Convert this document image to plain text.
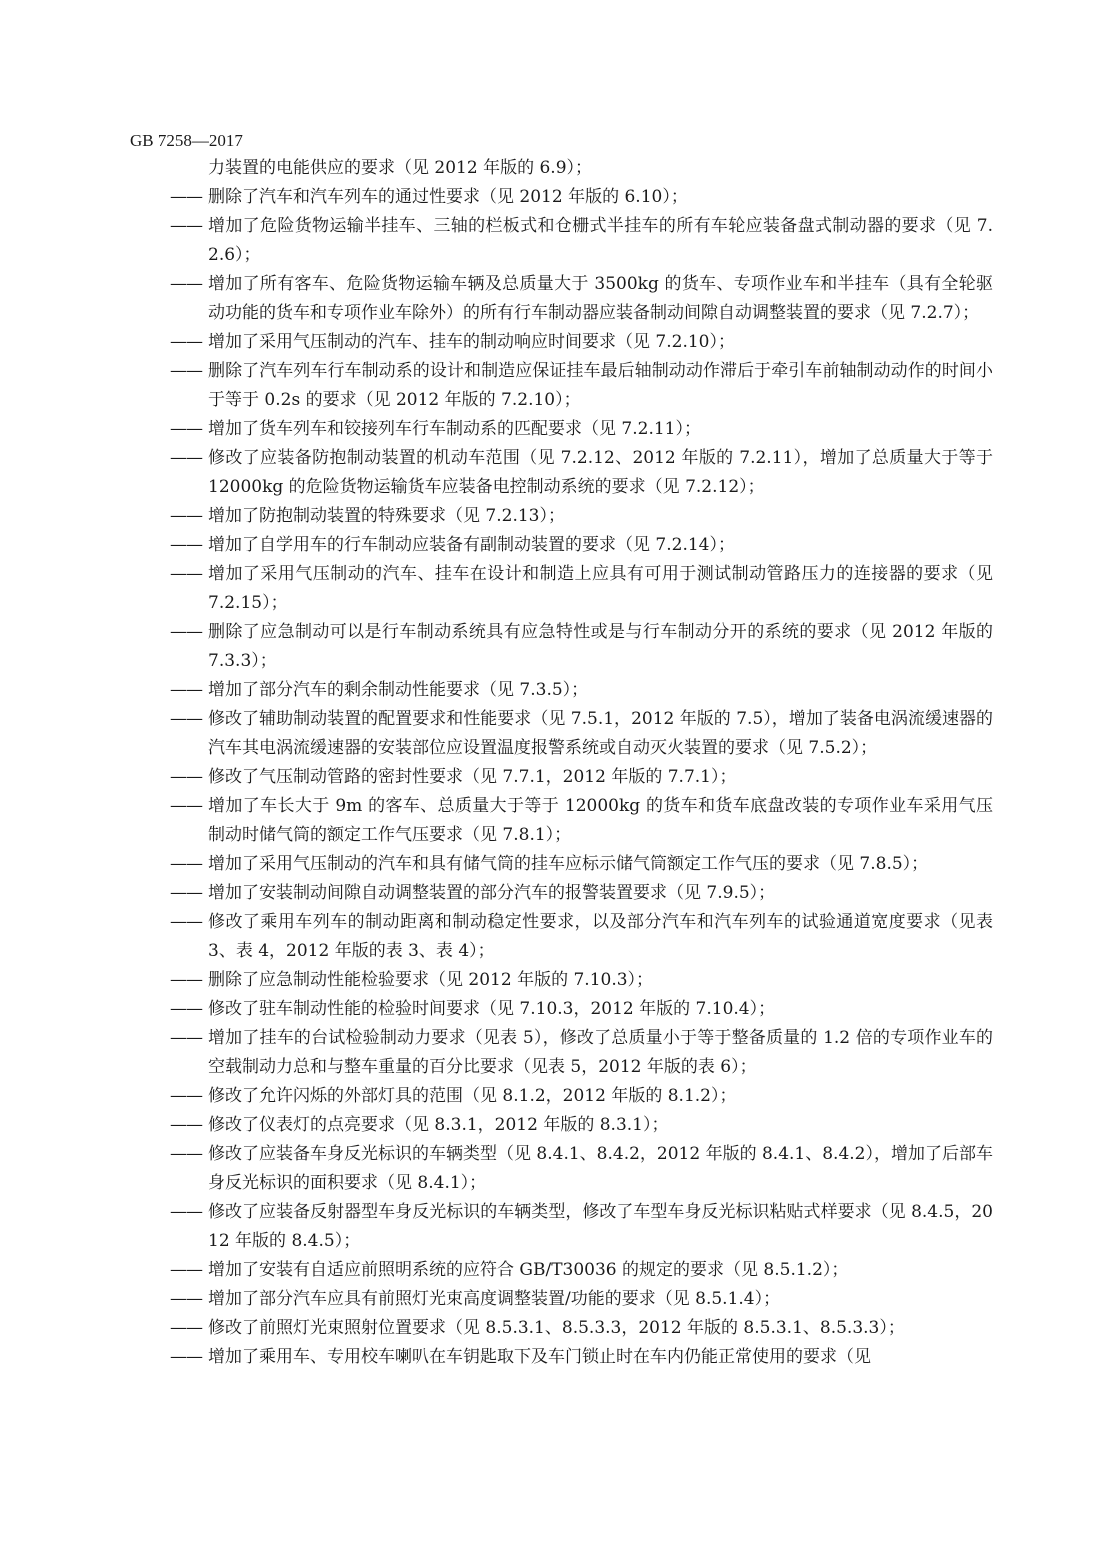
GB 7258—2017
力装置的电能供应的要求（见 2012 年版的 6.9）；
—— 删除了汽车和汽车列车的通过性要求（见 2012 年版的 6.10）；
—— 增加了危险货物运输半挂车、三轴的栏板式和仓栅式半挂车的所有车轮应装备盘式制动器的要求（见 7.2.6）；
—— 增加了所有客车、危险货物运输车辆及总质量大于 3500kg 的货车、专项作业车和半挂车（具有全轮驱动功能的货车和专项作业车除外）的所有行车制动器应装备制动间隙自动调整装置的要求（见 7.2.7）；
—— 增加了采用气压制动的汽车、挂车的制动响应时间要求（见 7.2.10）；
—— 删除了汽车列车行车制动系的设计和制造应保证挂车最后轴制动动作滞后于牵引车前轴制动动作的时间小于等于 0.2s 的要求（见 2012 年版的 7.2.10）；
—— 增加了货车列车和铰接列车行车制动系的匹配要求（见 7.2.11）；
—— 修改了应装备防抱制动装置的机动车范围（见 7.2.12、2012 年版的 7.2.11），增加了总质量大于等于 12000kg 的危险货物运输货车应装备电控制动系统的要求（见 7.2.12）；
—— 增加了防抱制动装置的特殊要求（见 7.2.13）；
—— 增加了自学用车的行车制动应装备有副制动装置的要求（见 7.2.14）；
—— 增加了采用气压制动的汽车、挂车在设计和制造上应具有可用于测试制动管路压力的连接器的要求（见 7.2.15）；
—— 删除了应急制动可以是行车制动系统具有应急特性或是与行车制动分开的系统的要求（见 2012 年版的 7.3.3）；
—— 增加了部分汽车的剩余制动性能要求（见 7.3.5）；
—— 修改了辅助制动装置的配置要求和性能要求（见 7.5.1，2012 年版的 7.5），增加了装备电涡流缓速器的汽车其电涡流缓速器的安装部位应设置温度报警系统或自动灭火装置的要求（见 7.5.2）；
—— 修改了气压制动管路的密封性要求（见 7.7.1，2012 年版的 7.7.1）；
—— 增加了车长大于 9m 的客车、总质量大于等于 12000kg 的货车和货车底盘改装的专项作业车采用气压制动时储气筒的额定工作气压要求（见 7.8.1）；
—— 增加了采用气压制动的汽车和具有储气筒的挂车应标示储气筒额定工作气压的要求（见 7.8.5）；
—— 增加了安装制动间隙自动调整装置的部分汽车的报警装置要求（见 7.9.5）；
—— 修改了乘用车列车的制动距离和制动稳定性要求，以及部分汽车和汽车列车的试验通道宽度要求（见表 3、表 4，2012 年版的表 3、表 4）；
—— 删除了应急制动性能检验要求（见 2012 年版的 7.10.3）；
—— 修改了驻车制动性能的检验时间要求（见 7.10.3，2012 年版的 7.10.4）；
—— 增加了挂车的台试检验制动力要求（见表 5），修改了总质量小于等于整备质量的 1.2 倍的专项作业车的空载制动力总和与整车重量的百分比要求（见表 5，2012 年版的表 6）；
—— 修改了允许闪烁的外部灯具的范围（见 8.1.2，2012 年版的 8.1.2）；
—— 修改了仪表灯的点亮要求（见 8.3.1，2012 年版的 8.3.1）；
—— 修改了应装备车身反光标识的车辆类型（见 8.4.1、8.4.2，2012 年版的 8.4.1、8.4.2），增加了后部车身反光标识的面积要求（见 8.4.1）；
—— 修改了应装备反射器型车身反光标识的车辆类型，修改了车型车身反光标识粘贴式样要求（见 8.4.5，2012 年版的 8.4.5）；
—— 增加了安装有自适应前照明系统的应符合 GB/T30036 的规定的要求（见 8.5.1.2）；
—— 增加了部分汽车应具有前照灯光束高度调整装置/功能的要求（见 8.5.1.4）；
—— 修改了前照灯光束照射位置要求（见 8.5.3.1、8.5.3.3，2012 年版的 8.5.3.1、8.5.3.3）；
—— 增加了乘用车、专用校车喇叭在车钥匙取下及车门锁止时在车内仍能正常使用的要求（见
